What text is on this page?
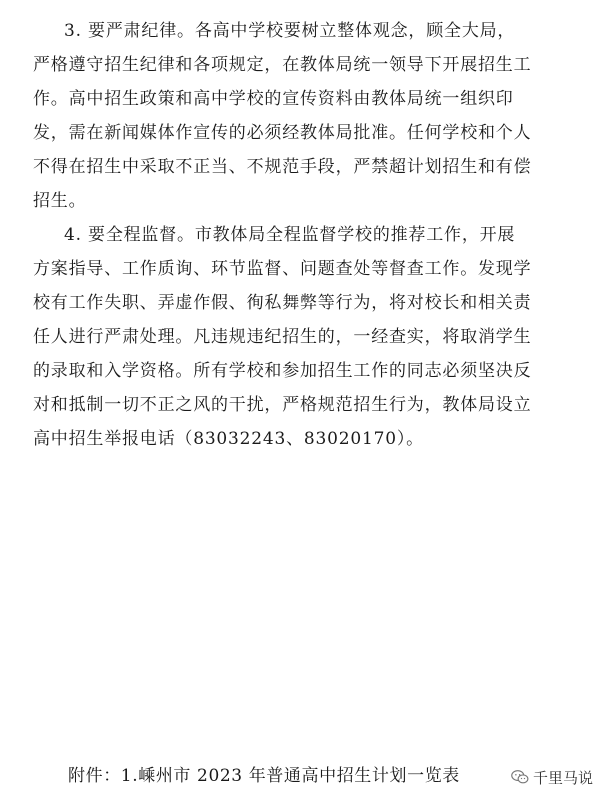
3. 要严肃纪律。各高中学校要树立整体观念，顾全大局，
严格遵守招生纪律和各项规定，在教体局统一领导下开展招生工
作。高中招生政策和高中学校的宣传资料由教体局统一组织印
发，需在新闻媒体作宣传的必须经教体局批准。任何学校和个人
不得在招生中采取不正当、不规范手段，严禁超计划招生和有偿
招生。
4. 要全程监督。市教体局全程监督学校的推荐工作，开展
方案指导、工作质询、环节监督、问题查处等督查工作。发现学
校有工作失职、弄虚作假、徇私舞弊等行为，将对校长和相关责
任人进行严肃处理。凡违规违纪招生的，一经查实，将取消学生
的录取和入学资格。所有学校和参加招生工作的同志必须坚决反
对和抵制一切不正之风的干扰，严格规范招生行为，教体局设立
高中招生举报电话（83032243、83020170）。
附件：1.嵊州市 2023 年普通高中招生计划一览表	千里马说
